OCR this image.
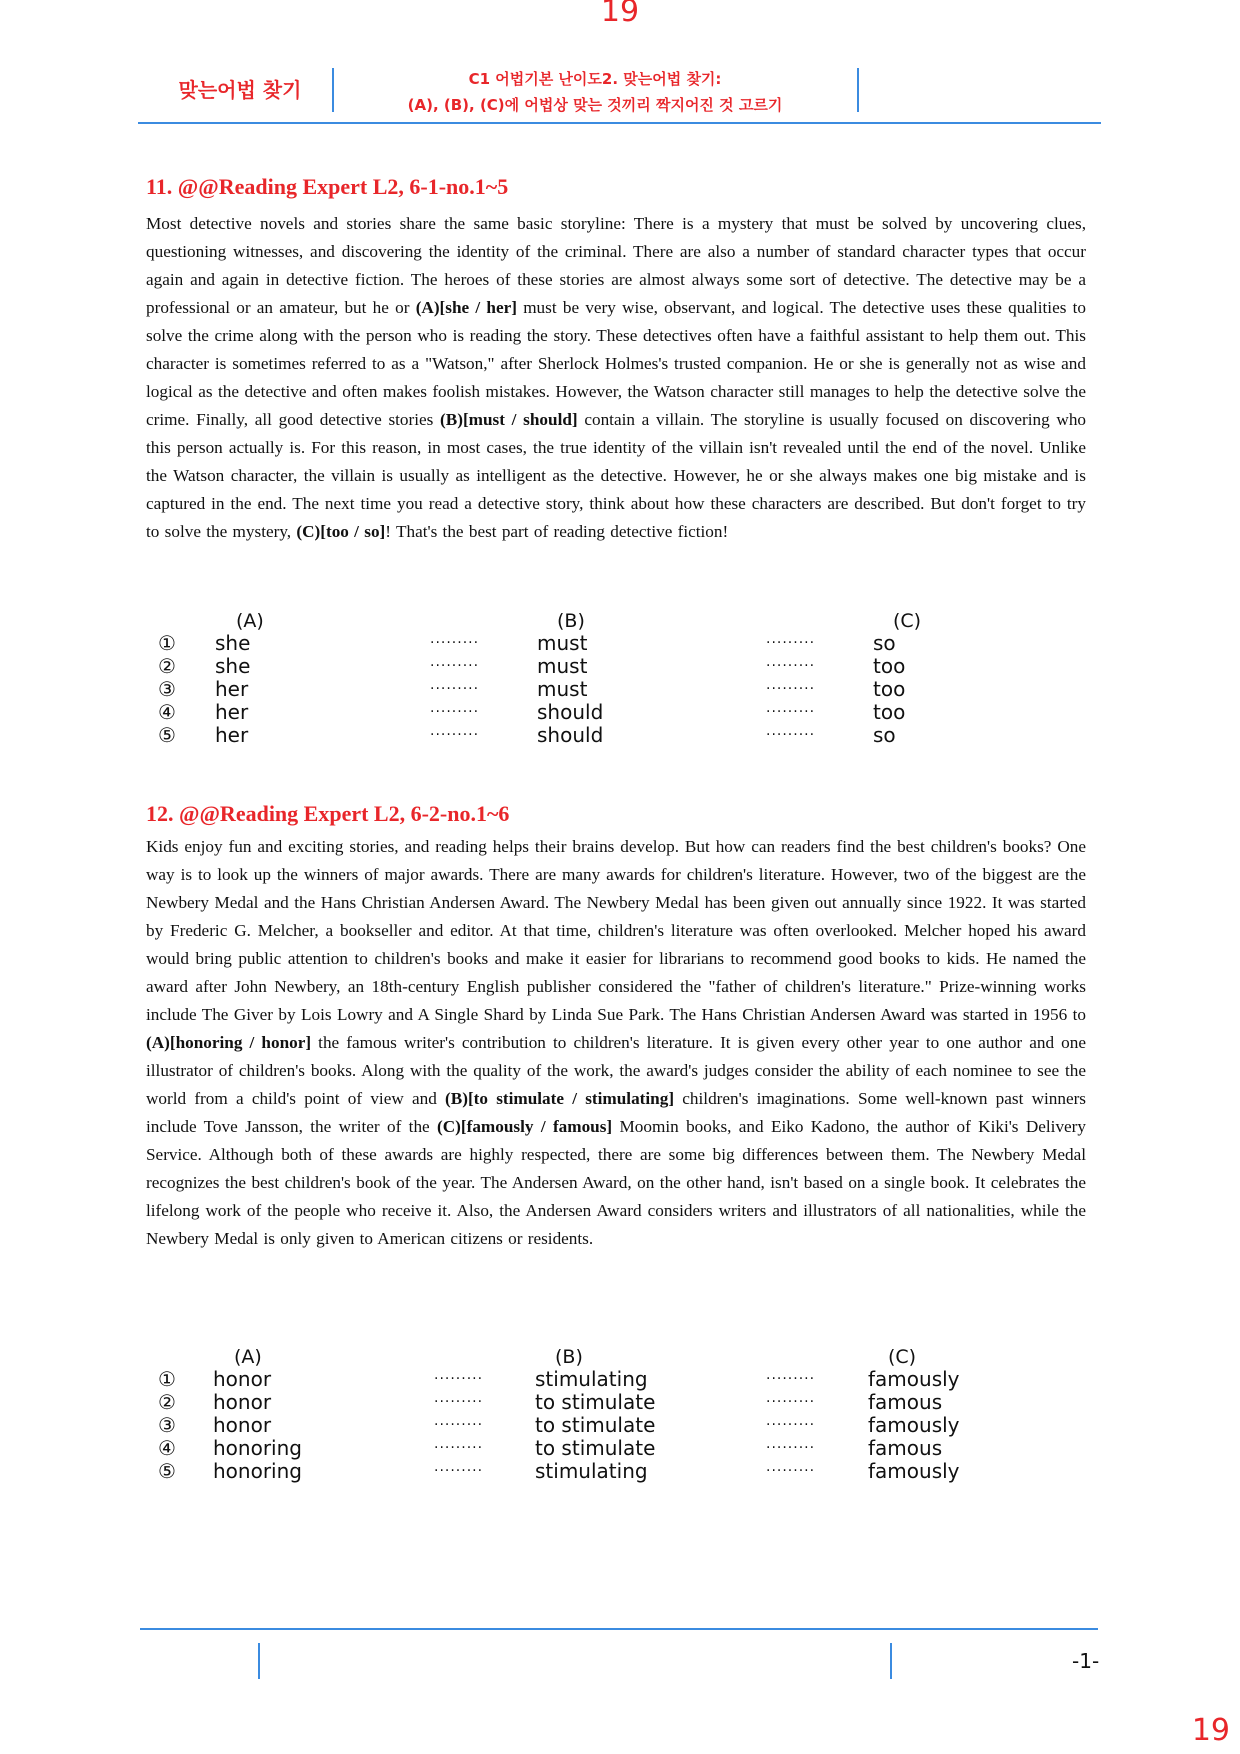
19
맞는어법 찾기	C1 어법기본 난이도2. 맞는어법 찾기:
(A), (B), (C)에 어법상 맞는 것끼리 짝지어진 것 고르기
11. @@Reading Expert L2, 6-1-no.1~5
Most detective novels and stories share the same basic storyline: There is a mystery that must be solved by uncovering clues, questioning witnesses, and discovering the identity of the criminal. There are also a number of standard character types that occur again and again in detective fiction. The heroes of these stories are almost always some sort of detective. The detective may be a professional or an amateur, but he or (A)[she / her] must be very wise, observant, and logical. The detective uses these qualities to solve the crime along with the person who is reading the story. These detectives often have a faithful assistant to help them out. This character is sometimes referred to as a "Watson," after Sherlock Holmes's trusted companion. He or she is generally not as wise and logical as the detective and often makes foolish mistakes. However, the Watson character still manages to help the detective solve the crime. Finally, all good detective stories (B)[must / should] contain a villain. The storyline is usually focused on discovering who this person actually is. For this reason, in most cases, the true identity of the villain isn't revealed until the end of the novel. Unlike the Watson character, the villain is usually as intelligent as the detective. However, he or she always makes one big mistake and is captured in the end. The next time you read a detective story, think about how these characters are described. But don't forget to try to solve the mystery, (C)[too / so]! That's the best part of reading detective fiction!
(A)	(B)	(C)
① she	·········	must	·········	so
② she	·········	must	·········	too
③ her	·········	must	·········	too
④ her	·········	should	·········	too
⑤ her	·········	should	·········	so
12. @@Reading Expert L2, 6-2-no.1~6
Kids enjoy fun and exciting stories, and reading helps their brains develop. But how can readers find the best children's books? One way is to look up the winners of major awards. There are many awards for children's literature. However, two of the biggest are the Newbery Medal and the Hans Christian Andersen Award. The Newbery Medal has been given out annually since 1922. It was started by Frederic G. Melcher, a bookseller and editor. At that time, children's literature was often overlooked. Melcher hoped his award would bring public attention to children's books and make it easier for librarians to recommend good books to kids. He named the award after John Newbery, an 18th-century English publisher considered the "father of children's literature." Prize-winning works include The Giver by Lois Lowry and A Single Shard by Linda Sue Park. The Hans Christian Andersen Award was started in 1956 to (A)[honoring / honor] the famous writer's contribution to children's literature. It is given every other year to one author and one illustrator of children's books. Along with the quality of the work, the award's judges consider the ability of each nominee to see the world from a child's point of view and (B)[to stimulate / stimulating] children's imaginations. Some well-known past winners include Tove Jansson, the writer of the (C)[famously / famous] Moomin books, and Eiko Kadono, the author of Kiki's Delivery Service. Although both of these awards are highly respected, there are some big differences between them. The Newbery Medal recognizes the best children's book of the year. The Andersen Award, on the other hand, isn't based on a single book. It celebrates the lifelong work of the people who receive it. Also, the Andersen Award considers writers and illustrators of all nationalities, while the Newbery Medal is only given to American citizens or residents.
(A)	(B)	(C)
① honor	·········	stimulating	·········	famously
② honor	·········	to stimulate	·········	famous
③ honor	·········	to stimulate	·········	famously
④ honoring	·········	to stimulate	·········	famous
⑤ honoring	·········	stimulating	·········	famously
-1-
19
